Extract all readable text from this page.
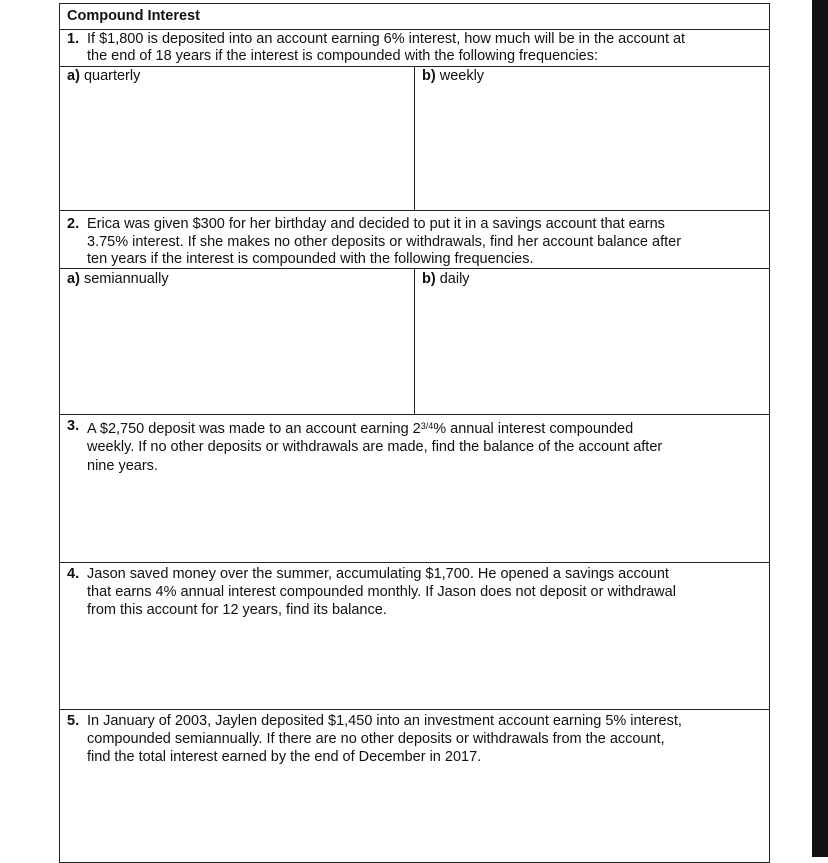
Compound Interest
1. If $1,800 is deposited into an account earning 6% interest, how much will be in the account at
the end of 18 years if the interest is compounded with the following frequencies:
a) quarterly	b) weekly
2. Erica was given $300 for her birthday and decided to put it in a savings account that earns
3.75% interest. If she makes no other deposits or withdrawals, find her account balance after
ten years if the interest is compounded with the following frequencies.
a) semiannually	b) daily
3. A $2,750 deposit was made to an account earning $2^{3/4}\%$ annual interest compounded
weekly. If no other deposits or withdrawals are made, find the balance of the account after
nine years.
4. Jason saved money over the summer, accumulating $1,700. He opened a savings account
that earns 4% annual interest compounded monthly. If Jason does not deposit or withdrawal
from this account for 12 years, find its balance.
5. In January of 2003, Jaylen deposited $1,450 into an investment account earning 5% interest,
compounded semiannually. If there are no other deposits or withdrawals from the account,
find the total interest earned by the end of December in 2017.
